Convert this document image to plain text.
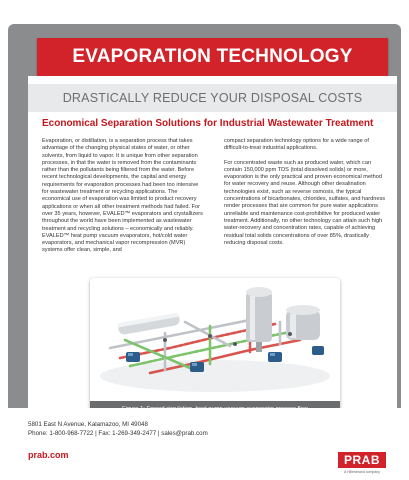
EVAPORATION TECHNOLOGY
DRASTICALLY REDUCE YOUR DISPOSAL COSTS
Economical Separation Solutions for Industrial Wastewater Treatment

Evaporation, or distillation, is a separation process that takes advantage of the changing physical states of water, or other solvents, from liquid to vapor. It is unique from other separation processes, in that the water is removed from the contaminants rather than the pollutants being filtered from the water. Before recent technological developments, the capital and energy requirements for evaporation processes had been too intensive for wastewater treatment or recycling applications. The economical use of evaporation was limited to product recovery applications or when all other treatment methods had failed. For over 35 years, however, EVALED™ evaporators and crystallizers throughout the world have been implemented as wastewater treatment and recycling solutions – economically and reliably. EVALED™ heat pump vacuum evaporators, hot/cold water evaporators, and mechanical vapor recompression (MVR) systems offer clean, simple, and

compact separation technology options for a wide range of difficult-to-treat industrial applications.

For concentrated waste such as produced water, which can contain 150,000 ppm TDS (total dissolved solids) or more, evaporation is the only practical and proven economical method for water recovery and reuse. Although other desalination technologies exist, such as reverse osmosis, the typical concentrations of bicarbonates, chlorides, sulfates, and hardness render processes that are common for pure water applications unreliable and maintenance cost-prohibitive for produced water treatment. Additionally, no other technology can attain such high water-recovery and concentration rates, capable of achieving residual total solids concentrations of over 85%, drastically reducing disposal costs.

5801 East N Avenue, Kalamazoo, MI 49048
Phone: 1-800-968-7722 | Fax: 1-269-349-2477 | sales@prab.com
prab.com	PRAB
A Hillenbrand company
